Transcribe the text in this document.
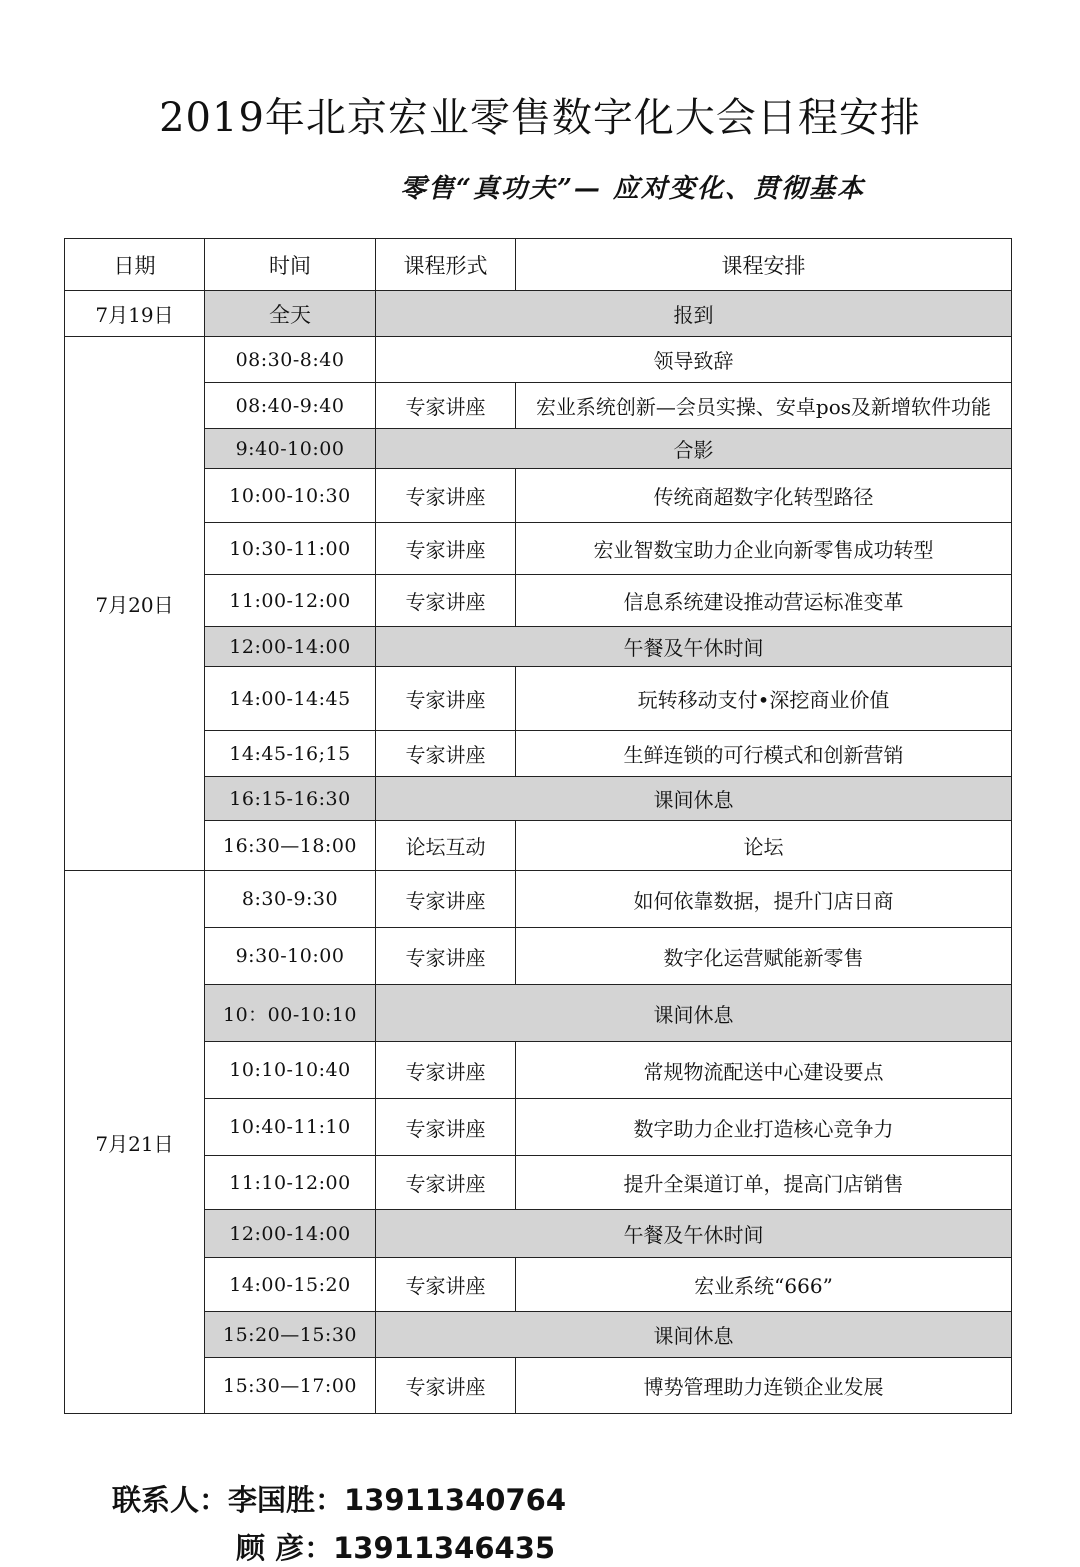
2019年北京宏业零售数字化大会日程安排
零售“真功夫”— 应对变化、贯彻基本
日期	时间	课程形式	课程安排
7月19日	全天	报到	
7月20日	08:30-8:40	领导致辞	
	08:40-9:40	专家讲座	宏业系统创新—会员实操、安卓pos及新增软件功能
	9:40-10:00	合影	
	10:00-10:30	专家讲座	传统商超数字化转型路径
	10:30-11:00	专家讲座	宏业智数宝助力企业向新零售成功转型
	11:00-12:00	专家讲座	信息系统建设推动营运标准变革
	12:00-14:00	午餐及午休时间	
	14:00-14:45	专家讲座	玩转移动支付•深挖商业价值
	14:45-16;15	专家讲座	生鲜连锁的可行模式和创新营销
	16:15-16:30	课间休息	
	16:30—18:00	论坛互动	论坛
7月21日	8:30-9:30	专家讲座	如何依靠数据，提升门店日商
	9:30-10:00	专家讲座	数字化运营赋能新零售
	10：00-10:10	课间休息	
	10:10-10:40	专家讲座	常规物流配送中心建设要点
	10:40-11:10	专家讲座	数字助力企业打造核心竞争力
	11:10-12:00	专家讲座	提升全渠道订单，提高门店销售
	12:00-14:00	午餐及午休时间	
	14:00-15:20	专家讲座	宏业系统“666”
	15:20—15:30	课间休息	
	15:30—17:00	专家讲座	博势管理助力连锁企业发展
联系人：李国胜：13911340764
顾 彦：13911346435
